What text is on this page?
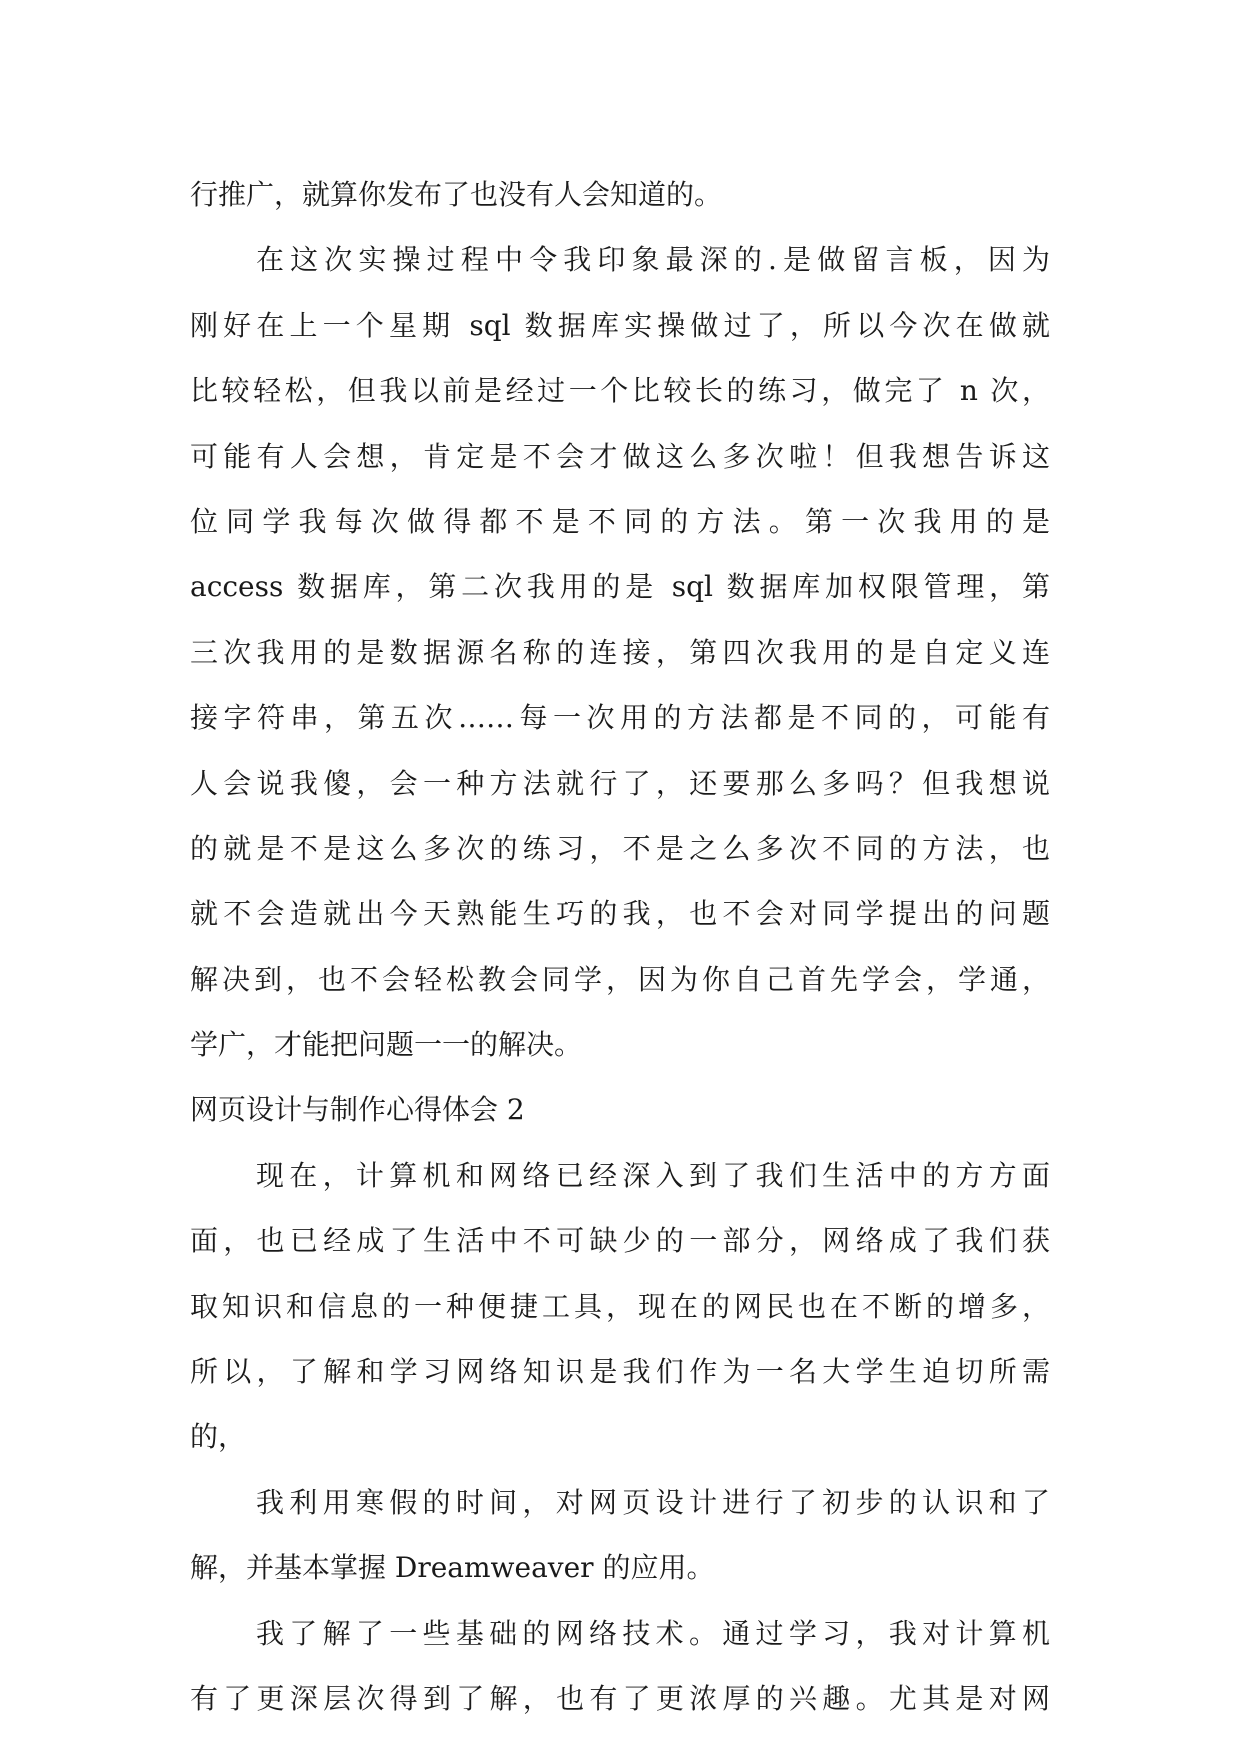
行推广，就算你发布了也没有人会知道的。
在这次实操过程中令我印象最深的.是做留言板，因为
刚好在上一个星期 sql 数据库实操做过了，所以今次在做就
比较轻松，但我以前是经过一个比较长的练习，做完了 n 次，
可能有人会想，肯定是不会才做这么多次啦！但我想告诉这
位同学我每次做得都不是不同的方法。第一次我用的是
access 数据库，第二次我用的是 sql 数据库加权限管理，第
三次我用的是数据源名称的连接，第四次我用的是自定义连
接字符串，第五次……每一次用的方法都是不同的，可能有
人会说我傻，会一种方法就行了，还要那么多吗？但我想说
的就是不是这么多次的练习，不是之么多次不同的方法，也
就不会造就出今天熟能生巧的我，也不会对同学提出的问题
解决到，也不会轻松教会同学，因为你自己首先学会，学通，
学广，才能把问题一一的解决。
网页设计与制作心得体会 2
现在，计算机和网络已经深入到了我们生活中的方方面
面，也已经成了生活中不可缺少的一部分，网络成了我们获
取知识和信息的一种便捷工具，现在的网民也在不断的增多，
所以，了解和学习网络知识是我们作为一名大学生迫切所需
的，
我利用寒假的时间，对网页设计进行了初步的认识和了
解，并基本掌握 Dreamweaver 的应用。
我了解了一些基础的网络技术。通过学习，我对计算机
有了更深层次得到了解，也有了更浓厚的兴趣。尤其是对网
